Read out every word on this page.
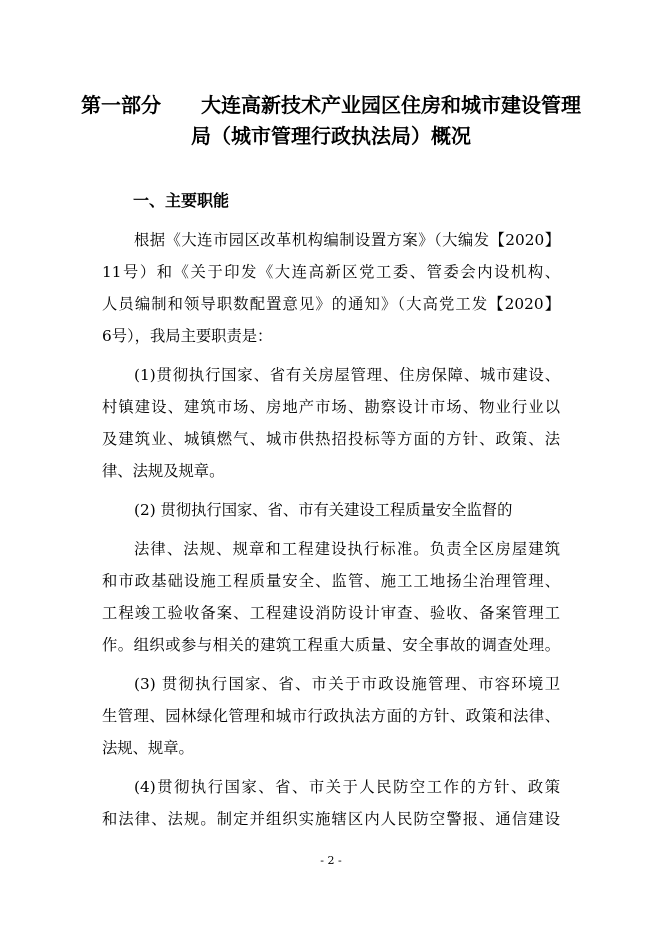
第一部分 大连高新技术产业园区住房和城市建设管理
局（城市管理行政执法局）概况
一、主要职能
根据《大连市园区改革机构编制设置方案》（大编发【2020】
11号）和《关于印发《大连高新区党工委、管委会内设机构、
人员编制和领导职数配置意见》的通知》（大高党工发【2020】
6号），我局主要职责是：
(1)贯彻执行国家、省有关房屋管理、住房保障、城市建设、
村镇建设、建筑市场、房地产市场、勘察设计市场、物业行业以
及建筑业、城镇燃气、城市供热招投标等方面的方针、政策、法
律、法规及规章。
(2) 贯彻执行国家、省、市有关建设工程质量安全监督的
法律、法规、规章和工程建设执行标准。负责全区房屋建筑
和市政基础设施工程质量安全、监管、施工工地扬尘治理管理、
工程竣工验收备案、工程建设消防设计审查、验收、备案管理工
作。组织或参与相关的建筑工程重大质量、安全事故的调查处理。
(3) 贯彻执行国家、省、市关于市政设施管理、市容环境卫
生管理、园林绿化管理和城市行政执法方面的方针、政策和法律、
法规、规章。
(4)贯彻执行国家、省、市关于人民防空工作的方针、政策
和法律、法规。制定并组织实施辖区内人民防空警报、通信建设
- 2 -
